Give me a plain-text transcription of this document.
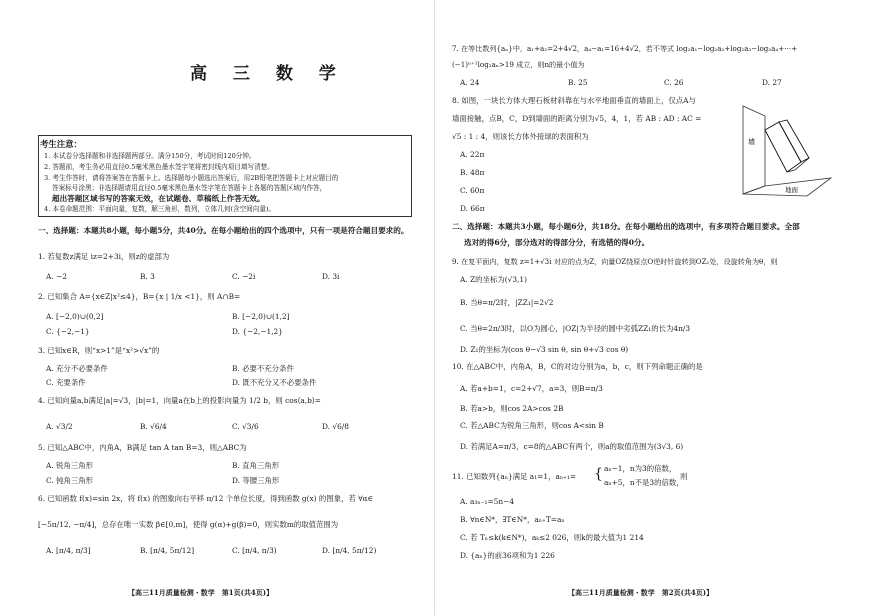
高 三 数 学
考生注意：
1. 本试卷分选择题和非选择题两部分。满分150分，考试时间120分钟。
2. 答题前，考生务必用直径0.5毫米黑色墨水签字笔将密封线内项目填写清楚。
3. 考生作答时，请将答案答在答题卡上。选择题每小题选出答案后，用2B铅笔把答题卡上对应题目的
答案标号涂黑；非选择题请用直径0.5毫米黑色墨水签字笔在答题卡上各题的答题区域内作答，
超出答题区域书写的答案无效，在试题卷、草稿纸上作答无效。
4. 本卷命题范围：平面向量，复数，解三角形，数列，立体几何(含空间向量)。
一、选择题：本题共8小题，每小题5分，共40分。在每小题给出的四个选项中，只有一项是符合题目要求的。
1. 若复数z满足 iz=2+3i，则z的虚部为
A. −2	B. 3	C. −2i	D. 3i
2. 已知集合 A={x∈Z|x²≤4}，B={x | 1/x <1}，则 A∩B=
A. [−2,0)∪(0,2]	B. [−2,0)∪(1,2]
C. {−2,−1}	D. {−2,−1,2}
3. 已知x∈R，则“x>1”是“x²>√x”的
A. 充分不必要条件	B. 必要不充分条件
C. 充要条件	D. 既不充分又不必要条件
4. 已知向量a,b满足|a|=√3，|b|=1，向量a在b上的投影向量为 1/2 b，则 cos⟨a,b⟩=
A. √3/2	B. √6/4	C. √3/6	D. √6/8
5. 已知△ABC中，内角A，B满足 tan A tan B=3，则△ABC为
A. 锐角三角形	B. 直角三角形
C. 钝角三角形	D. 等腰三角形
6. 已知函数 f(x)=sin 2x，将 f(x) 的图象向右平移 π/12 个单位长度，得到函数 g(x) 的图象，若 ∀α∈
[−5π/12, −π/4]，总存在唯一实数 β∈[0,m]，使得 g(α)+g(β)=0，则实数m的取值范围为
A. [π/4, π/3]	B. [π/4, 5π/12]	C. [π/4, π/3)	D. [π/4, 5π/12)
【高三11月质量检测・数学　第1页(共4页)】
7. 在等比数列{aₙ}中，a₁+a₂=2+4√2，a₄−a₁=16+4√2，若不等式 log₂a₁−log₂a₂+log₂a₃−log₂a₄+⋯+
(−1)ⁿ⁺¹log₂aₙ>19 成立，则n的最小值为
A. 24	B. 25	C. 26	D. 27
8. 如图，一块长方体大理石板材斜靠在与水平地面垂直的墙面上，仅点A与
墙面接触，点B，C，D到墙面的距离分别为√5，4，1，若 AB : AD : AC =
√5 : 1 : 4，则该长方体外接球的表面积为
A. 22π
B. 48π
C. 60π
D. 66π
墙
地面
二、选择题：本题共3小题，每小题6分，共18分。在每小题给出的选项中，有多项符合题目要求。全部
选对的得6分，部分选对的得部分分，有选错的得0分。
9. 在复平面内，复数 z=1+√3i 对应的点为Z，向量OZ绕原点O逆时针旋转到OZ₁处，设旋转角为θ，则
A. Z的坐标为(√3,1)
B. 当θ=π/2时，|ZZ₁|=2√2
C. 当θ=2π/3时，以O为圆心，|OZ|为半径的圆中劣弧ZZ₁的长为4π/3
D. Z₁的坐标为(cos θ−√3 sin θ, sin θ+√3 cos θ)
10. 在△ABC中，内角A，B，C的对边分别为a，b，c，则下列命题正确的是
A. 若a+b=1，c=2+√7，a=3，则B=π/3
B. 若a>b，则cos 2A>cos 2B
C. 若△ABC为锐角三角形，则cos A<sin B
D. 若满足A=π/3，c=8的△ABC有两个，则a的取值范围为(3√3, 6)
11. 已知数列{aₙ}满足 a₁=1，aₙ₊₁= { aₙ−1，n为3的倍数，
aₙ+5，n不是3的倍数，
则
A. a₃ₙ₋₁=5n−4
B. ∀n∈N*，∃T∈N*，aₙ₊T=aₙ
C. 若 Tₙ≤k(k∈N*)，aₖ≤2 026，则k的最大值为1 214
D. {aₙ}的前36项和为1 226
【高三11月质量检测・数学　第2页(共4页)】
